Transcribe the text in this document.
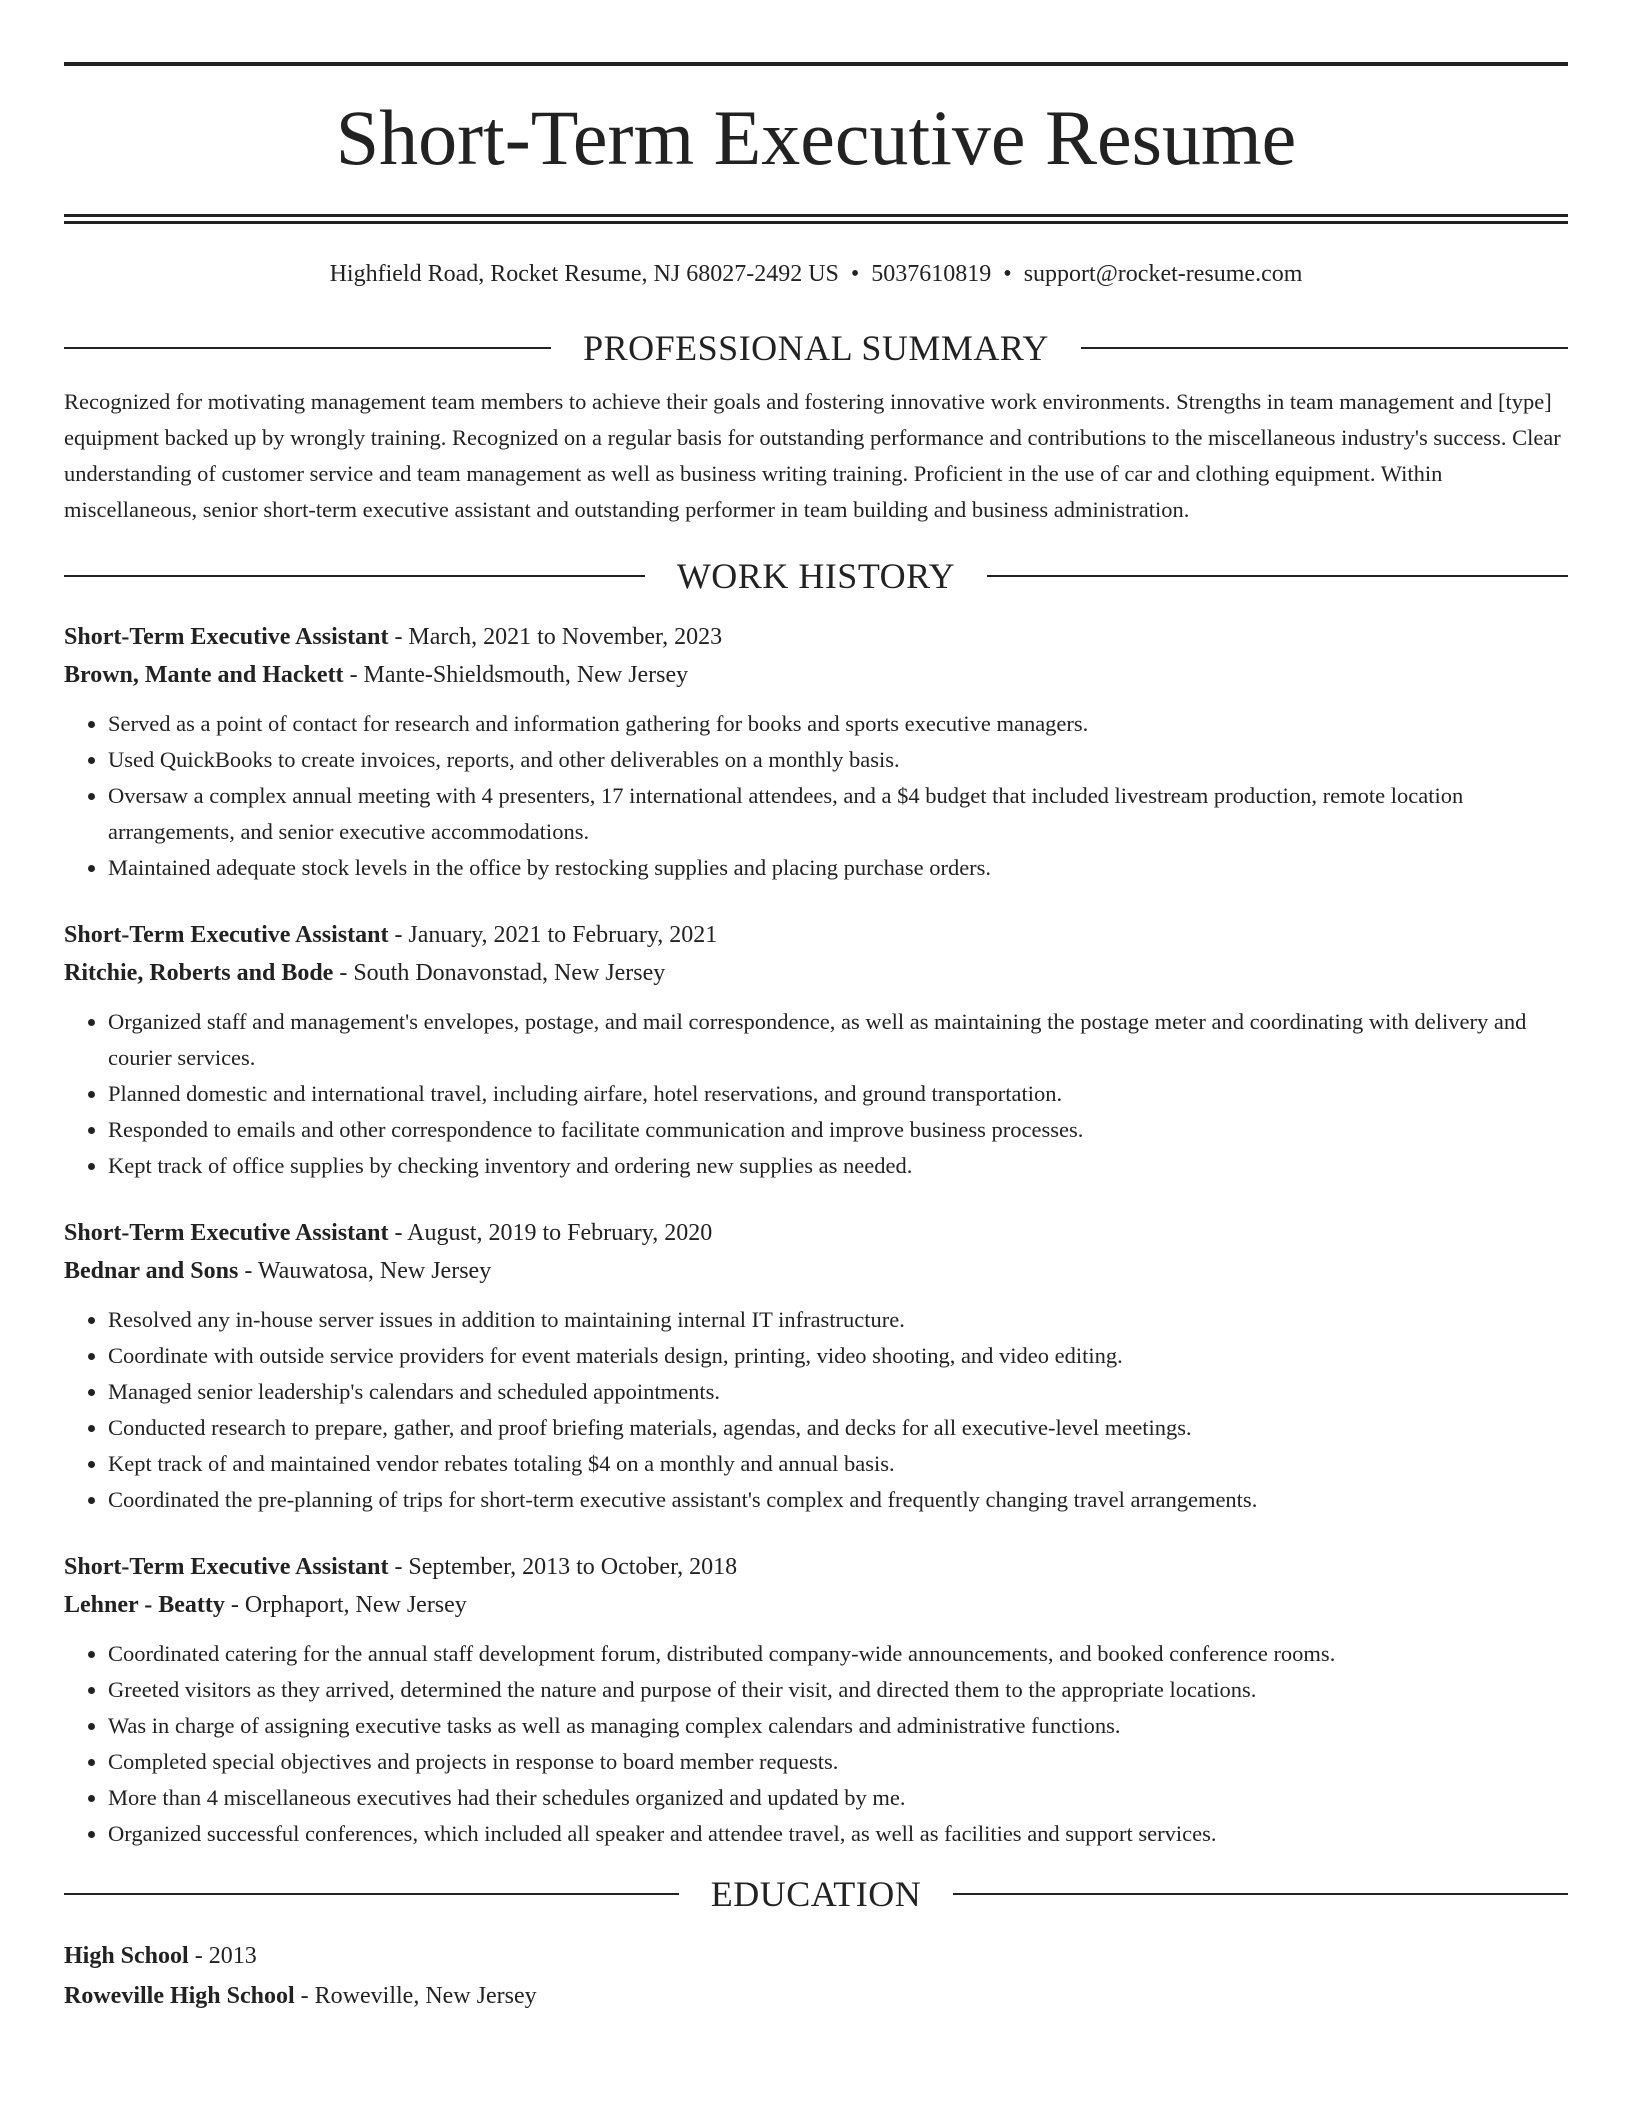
Short-Term Executive Resume
Highfield Road, Rocket Resume, NJ 68027-2492 US • 5037610819 • support@rocket-resume.com
PROFESSIONAL SUMMARY
Recognized for motivating management team members to achieve their goals and fostering innovative work environments. Strengths in team management and [type] equipment backed up by wrongly training. Recognized on a regular basis for outstanding performance and contributions to the miscellaneous industry's success. Clear understanding of customer service and team management as well as business writing training. Proficient in the use of car and clothing equipment. Within miscellaneous, senior short-term executive assistant and outstanding performer in team building and business administration.
WORK HISTORY
Short-Term Executive Assistant - March, 2021 to November, 2023
Brown, Mante and Hackett - Mante-Shieldsmouth, New Jersey
• Served as a point of contact for research and information gathering for books and sports executive managers.
• Used QuickBooks to create invoices, reports, and other deliverables on a monthly basis.
• Oversaw a complex annual meeting with 4 presenters, 17 international attendees, and a $4 budget that included livestream production, remote location arrangements, and senior executive accommodations.
• Maintained adequate stock levels in the office by restocking supplies and placing purchase orders.
Short-Term Executive Assistant - January, 2021 to February, 2021
Ritchie, Roberts and Bode - South Donavonstad, New Jersey
• Organized staff and management's envelopes, postage, and mail correspondence, as well as maintaining the postage meter and coordinating with delivery and courier services.
• Planned domestic and international travel, including airfare, hotel reservations, and ground transportation.
• Responded to emails and other correspondence to facilitate communication and improve business processes.
• Kept track of office supplies by checking inventory and ordering new supplies as needed.
Short-Term Executive Assistant - August, 2019 to February, 2020
Bednar and Sons - Wauwatosa, New Jersey
• Resolved any in-house server issues in addition to maintaining internal IT infrastructure.
• Coordinate with outside service providers for event materials design, printing, video shooting, and video editing.
• Managed senior leadership's calendars and scheduled appointments.
• Conducted research to prepare, gather, and proof briefing materials, agendas, and decks for all executive-level meetings.
• Kept track of and maintained vendor rebates totaling $4 on a monthly and annual basis.
• Coordinated the pre-planning of trips for short-term executive assistant's complex and frequently changing travel arrangements.
Short-Term Executive Assistant - September, 2013 to October, 2018
Lehner - Beatty - Orphaport, New Jersey
• Coordinated catering for the annual staff development forum, distributed company-wide announcements, and booked conference rooms.
• Greeted visitors as they arrived, determined the nature and purpose of their visit, and directed them to the appropriate locations.
• Was in charge of assigning executive tasks as well as managing complex calendars and administrative functions.
• Completed special objectives and projects in response to board member requests.
• More than 4 miscellaneous executives had their schedules organized and updated by me.
• Organized successful conferences, which included all speaker and attendee travel, as well as facilities and support services.
EDUCATION
High School - 2013
Roweville High School - Roweville, New Jersey
